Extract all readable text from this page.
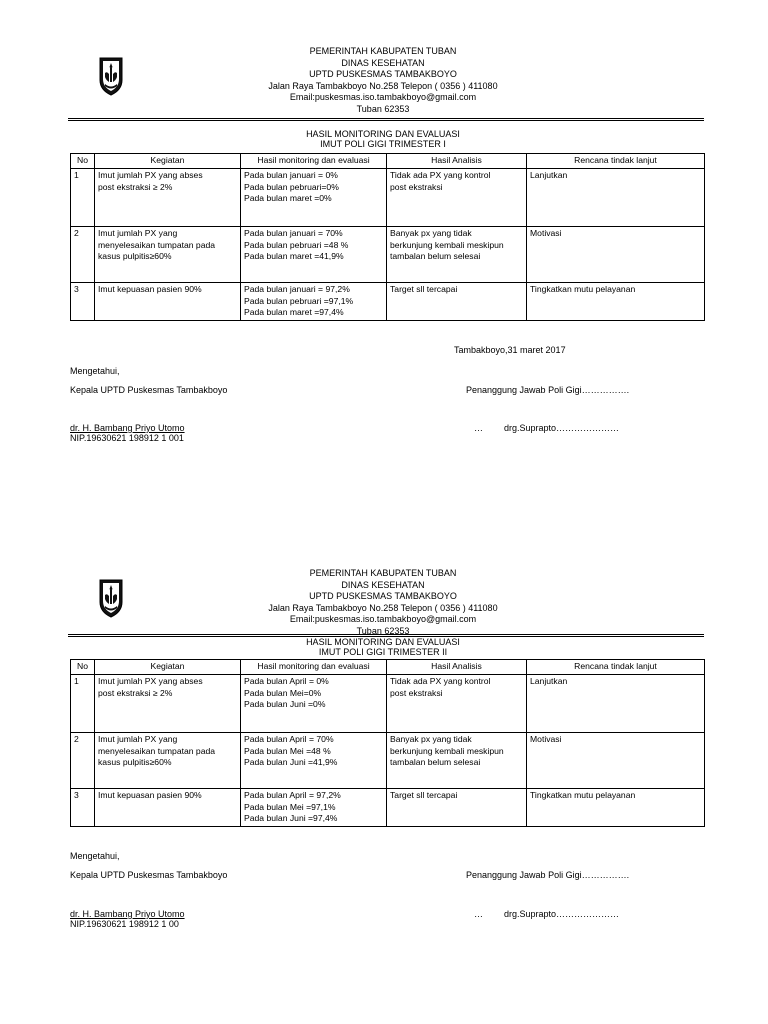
PEMERINTAH KABUPATEN TUBAN
DINAS KESEHATAN
UPTD PUSKESMAS TAMBAKBOYO
Jalan Raya Tambakboyo No.258 Telepon ( 0356 ) 411080
Email:puskesmas.iso.tambakboyo@gmail.com
Tuban 62353
HASIL MONITORING DAN EVALUASI
IMUT POLI GIGI TRIMESTER I
No	Kegiatan	Hasil monitoring dan evaluasi	Hasil Analisis	Rencana tindak lanjut
1	Imut jumlah PX yang abses
post ekstraksi ≥ 2%	Pada bulan januari = 0%
Pada bulan pebruari=0%
Pada bulan maret =0%	Tidak ada PX yang kontrol
post ekstraksi	Lanjutkan

2	Imut jumlah PX yang
menyelesaikan tumpatan pada
kasus pulpitis≥60%	Pada bulan januari = 70%
Pada bulan pebruari =48 %
Pada bulan maret =41,9%	Banyak px yang tidak
berkunjung kembali meskipun
tambalan belum selesai	Motivasi

3	Imut kepuasan pasien 90%	Pada bulan januari = 97,2%
Pada bulan pebruari =97,1%
Pada bulan maret =97,4%	Target sll tercapai	Tingkatkan mutu pelayanan
Tambakboyo,31 maret 2017
Mengetahui,
Kepala UPTD Puskesmas Tambakboyo	Penanggung Jawab Poli Gigi…………….
dr. H. Bambang Priyo Utomo	… drg.Suprapto…………………
NIP.19630621 198912 1 001
PEMERINTAH KABUPATEN TUBAN
DINAS KESEHATAN
UPTD PUSKESMAS TAMBAKBOYO
Jalan Raya Tambakboyo No.258 Telepon ( 0356 ) 411080
Email:puskesmas.iso.tambakboyo@gmail.com
Tuban 62353
HASIL MONITORING DAN EVALUASI
IMUT POLI GIGI TRIMESTER II
No	Kegiatan	Hasil monitoring dan evaluasi	Hasil Analisis	Rencana tindak lanjut
1	Imut jumlah PX yang abses
post ekstraksi ≥ 2%	Pada bulan April = 0%
Pada bulan Mei=0%
Pada bulan Juni =0%	Tidak ada PX yang kontrol
post ekstraksi	Lanjutkan

2	Imut jumlah PX yang
menyelesaikan tumpatan pada
kasus pulpitis≥60%	Pada bulan April = 70%
Pada bulan Mei =48 %
Pada bulan Juni =41,9%	Banyak px yang tidak
berkunjung kembali meskipun
tambalan belum selesai	Motivasi

3	Imut kepuasan pasien 90%	Pada bulan April = 97,2%
Pada bulan Mei =97,1%
Pada bulan Juni =97,4%	Target sll tercapai	Tingkatkan mutu pelayanan
Mengetahui,
Kepala UPTD Puskesmas Tambakboyo	Penanggung Jawab Poli Gigi…………….
dr. H. Bambang Priyo Utomo	… drg.Suprapto…………………
NIP.19630621 198912 1 00
